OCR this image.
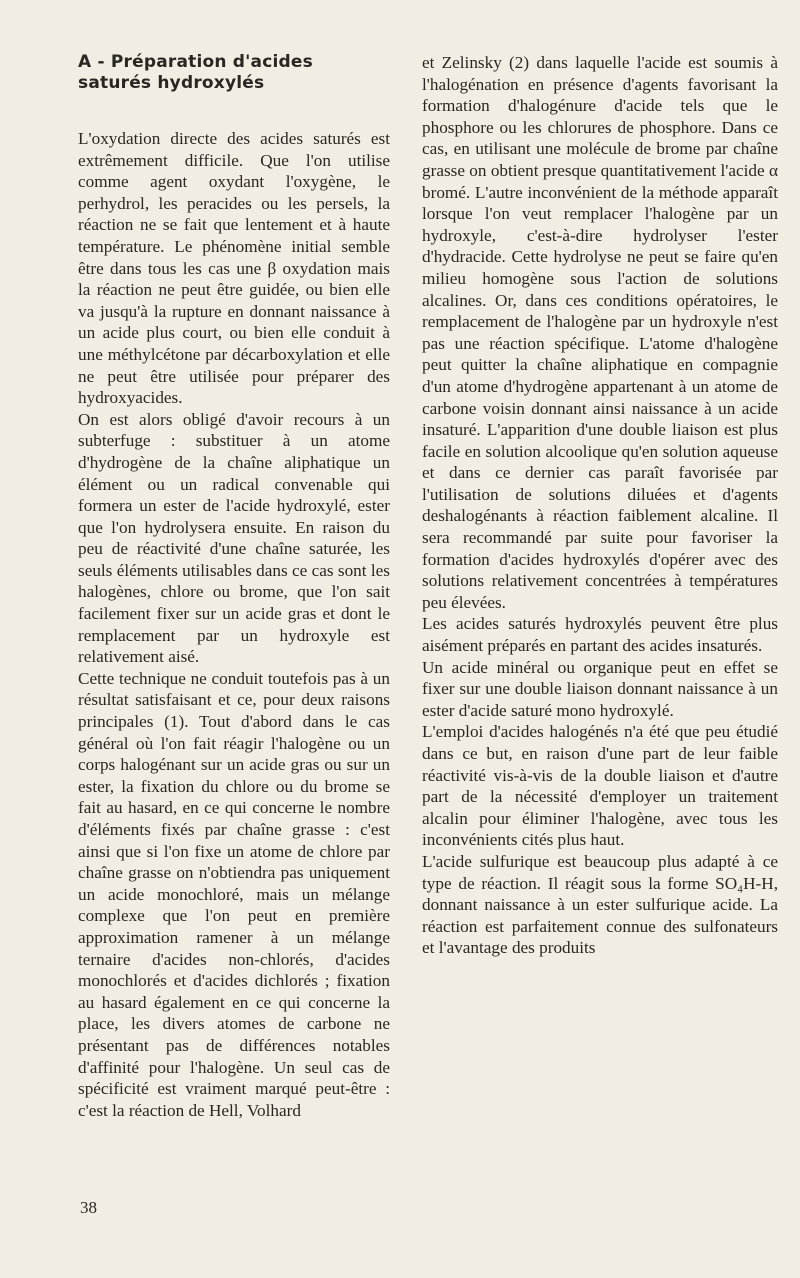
A - Préparation d'acides saturés hydroxylés

L'oxydation directe des acides saturés est extrêmement difficile. Que l'on utilise comme agent oxydant l'oxygène, le perhydrol, les peracides ou les persels, la réaction ne se fait que lentement et à haute température. Le phénomène initial semble être dans tous les cas une β oxydation mais la réaction ne peut être guidée, ou bien elle va jusqu'à la rupture en donnant naissance à un acide plus court, ou bien elle conduit à une méthylcétone par décarboxylation et elle ne peut être utilisée pour préparer des hydroxyacides.

On est alors obligé d'avoir recours à un subterfuge : substituer à un atome d'hydrogène de la chaîne aliphatique un élément ou un radical convenable qui formera un ester de l'acide hydroxylé, ester que l'on hydrolysera ensuite. En raison du peu de réactivité d'une chaîne saturée, les seuls éléments utilisables dans ce cas sont les halogènes, chlore ou brome, que l'on sait facilement fixer sur un acide gras et dont le remplacement par un hydroxyle est relativement aisé.

Cette technique ne conduit toutefois pas à un résultat satisfaisant et ce, pour deux raisons principales (1). Tout d'abord dans le cas général où l'on fait réagir l'halogène ou un corps halogénant sur un acide gras ou sur un ester, la fixation du chlore ou du brome se fait au hasard, en ce qui concerne le nombre d'éléments fixés par chaîne grasse : c'est ainsi que si l'on fixe un atome de chlore par chaîne grasse on n'obtiendra pas uniquement un acide monochloré, mais un mélange complexe que l'on peut en première approximation ramener à un mélange ternaire d'acides non-chlorés, d'acides monochlorés et d'acides dichlorés ; fixation au hasard également en ce qui concerne la place, les divers atomes de carbone ne présentant pas de différences notables d'affinité pour l'halogène. Un seul cas de spécificité est vraiment marqué peut-être : c'est la réaction de Hell, Volhard

et Zelinsky (2) dans laquelle l'acide est soumis à l'halogénation en présence d'agents favorisant la formation d'halogénure d'acide tels que le phosphore ou les chlorures de phosphore. Dans ce cas, en utilisant une molécule de brome par chaîne grasse on obtient presque quantitativement l'acide α bromé. L'autre inconvénient de la méthode apparaît lorsque l'on veut remplacer l'halogène par un hydroxyle, c'est-à-dire hydrolyser l'ester d'hydracide. Cette hydrolyse ne peut se faire qu'en milieu homogène sous l'action de solutions alcalines. Or, dans ces conditions opératoires, le remplacement de l'halogène par un hydroxyle n'est pas une réaction spécifique. L'atome d'halogène peut quitter la chaîne aliphatique en compagnie d'un atome d'hydrogène appartenant à un atome de carbone voisin donnant ainsi naissance à un acide insaturé. L'apparition d'une double liaison est plus facile en solution alcoolique qu'en solution aqueuse et dans ce dernier cas paraît favorisée par l'utilisation de solutions diluées et d'agents deshalogénants à réaction faiblement alcaline. Il sera recommandé par suite pour favoriser la formation d'acides hydroxylés d'opérer avec des solutions relativement concentrées à températures peu élevées.

Les acides saturés hydroxylés peuvent être plus aisément préparés en partant des acides insaturés.

Un acide minéral ou organique peut en effet se fixer sur une double liaison donnant naissance à un ester d'acide saturé mono hydroxylé.

L'emploi d'acides halogénés n'a été que peu étudié dans ce but, en raison d'une part de leur faible réactivité vis-à-vis de la double liaison et d'autre part de la nécessité d'employer un traitement alcalin pour éliminer l'halogène, avec tous les inconvénients cités plus haut.

L'acide sulfurique est beaucoup plus adapté à ce type de réaction. Il réagit sous la forme SO₄H-H, donnant naissance à un ester sulfurique acide. La réaction est parfaitement connue des sulfonateurs et l'avantage des produits

38
